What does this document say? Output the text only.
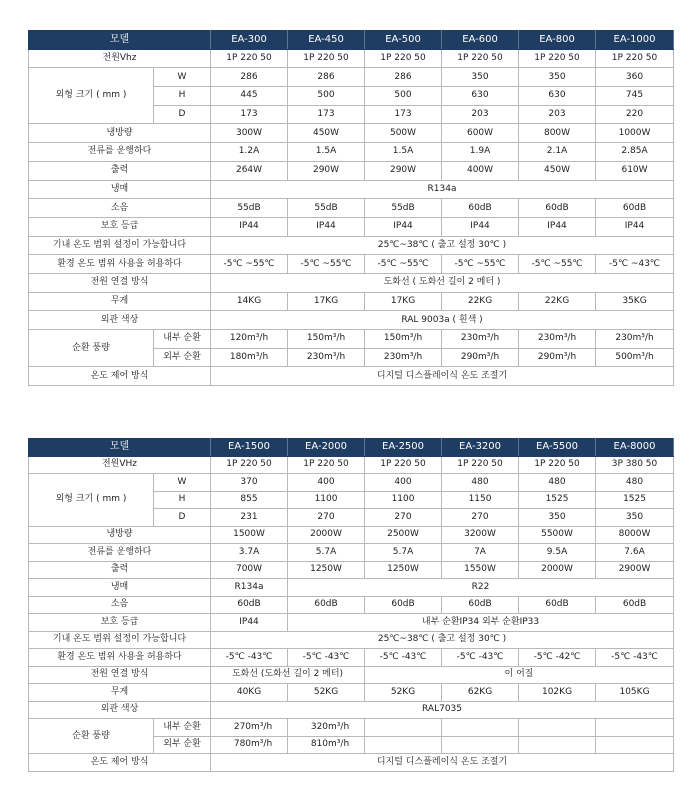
모델		EA-300	EA-450	EA-500	EA-600	EA-800	EA-1000
전원Vhz		1P 220 50	1P 220 50	1P 220 50	1P 220 50	1P 220 50	1P 220 50
외형 크기 ( mm )	W	286	286	286	350	350	360
	H	445	500	500	630	630	745
	D	173	173	173	203	203	220
냉방량		300W	450W	500W	600W	800W	1000W
전류를 운행하다		1.2A	1.5A	1.5A	1.9A	2.1A	2.85A
출력		264W	290W	290W	400W	450W	610W
냉매		R134a					
소음		55dB	55dB	55dB	60dB	60dB	60dB
보호 등급		IP44	IP44	IP44	IP44	IP44	IP44
기내 온도 범위 설정이 가능합니다		25℃~38℃ ( 출고 설정 30℃ )					
환경 온도 범위 사용을 허용하다		-5℃ ~55℃	-5℃ ~55℃	-5℃ ~55℃	-5℃ ~55℃	-5℃ ~55℃	-5℃ ~43℃
전원 연결 방식		도화선 ( 도화선 길이 2 메터 )					
무게		14KG	17KG	17KG	22KG	22KG	35KG
외관 색상		RAL 9003a ( 흰색 )					
순환 풍량	내부 순환	120m³/h	150m³/h	150m³/h	230m³/h	230m³/h	230m³/h
	외부 순환	180m³/h	230m³/h	230m³/h	290m³/h	290m³/h	500m³/h
온도 제어 방식		디지털 디스플레이식 온도 조절기					
모델		EA-1500	EA-2000	EA-2500	EA-3200	EA-5500	EA-8000
전원VHz		1P 220 50	1P 220 50	1P 220 50	1P 220 50	1P 220 50	3P 380 50
외형 크기 ( mm )	W	370	400	400	480	480	480
	H	855	1100	1100	1150	1525	1525
	D	231	270	270	270	350	350
냉방량		1500W	2000W	2500W	3200W	5500W	8000W
전류를 운행하다		3.7A	5.7A	5.7A	7A	9.5A	7.6A
출력		700W	1250W	1250W	1550W	2000W	2900W
냉매		R134a	R22				
소음		60dB	60dB	60dB	60dB	60dB	60dB
보호 등급		IP44	내부 순환IP34 외부 순환IP33				
기내 온도 범위 설정이 가능합니다		25℃~38℃ ( 출고 설정 30℃ )					
환경 온도 범위 사용을 허용하다		-5℃ -43℃	-5℃ -43℃	-5℃ -43℃	-5℃ -43℃	-5℃ -42℃	-5℃ -43℃
전원 연결 방식		도화선 (도화선 길이 2 메터)		이 어질			
무게		40KG	52KG	52KG	62KG	102KG	105KG
외관 색상		RAL7035					
순환 풍량	내부 순환	270m³/h	320m³/h				
	외부 순환	780m³/h	810m³/h				
온도 제어 방식		디지털 디스플레이식 온도 조절기					
